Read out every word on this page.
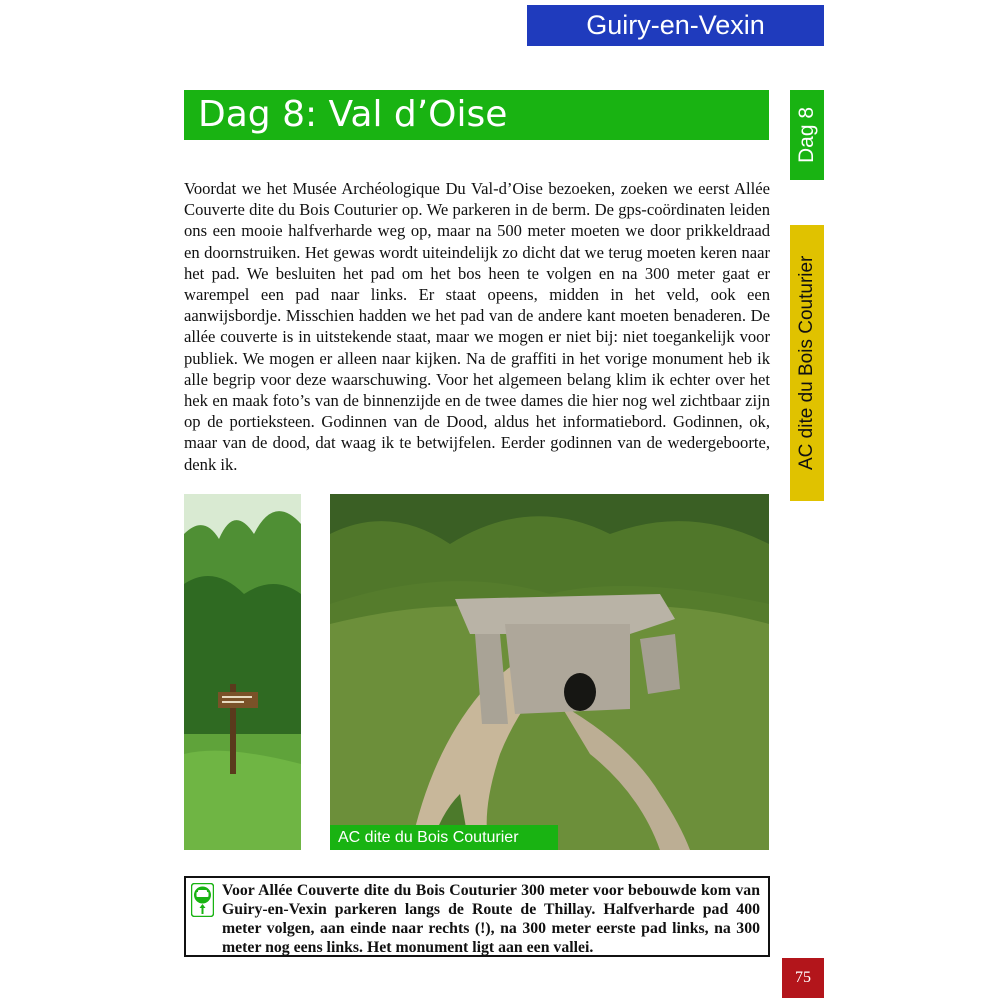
Guiry-en-Vexin
Dag 8: Val d’Oise	Dag 8
AC dite du Bois Couturier

Voordat we het Musée Archéologique Du Val-d’Oise bezoeken, zoeken we eerst Allée Couverte dite du Bois Couturier op. We parkeren in de berm. De gps-coördinaten leiden ons een mooie halfverharde weg op, maar na 500 meter moeten we door prikkeldraad en doornstruiken. Het gewas wordt uiteindelijk zo dicht dat we terug moeten keren naar het pad. We besluiten het pad om het bos heen te volgen en na 300 meter gaat er warempel een pad naar links. Er staat opeens, midden in het veld, ook een aanwijsbordje. Misschien hadden we het pad van de andere kant moeten benaderen. De allée couverte is in uitstekende staat, maar we mogen er niet bij: niet toegankelijk voor publiek. We mogen er alleen naar kijken. Na de graffiti in het vorige monument heb ik alle begrip voor deze waarschuwing. Voor het algemeen belang klim ik echter over het hek en maak foto’s van de binnenzijde en de twee dames die hier nog wel zichtbaar zijn op de portieksteen. Godinnen van de Dood, aldus het informatiebord. Godinnen, ok, maar van de dood, dat waag ik te betwijfelen. Eerder godinnen van de wedergeboorte, denk ik.

AC dite du Bois Couturier
Voor Allée Couverte dite du Bois Couturier 300 meter voor bebouwde kom van Guiry-en-Vexin parkeren langs de Route de Thillay. Halfverharde pad 400 meter volgen, aan einde naar rechts (!), na 300 meter eerste pad links, na 300 meter nog eens links. Het monument ligt aan een vallei.
75
